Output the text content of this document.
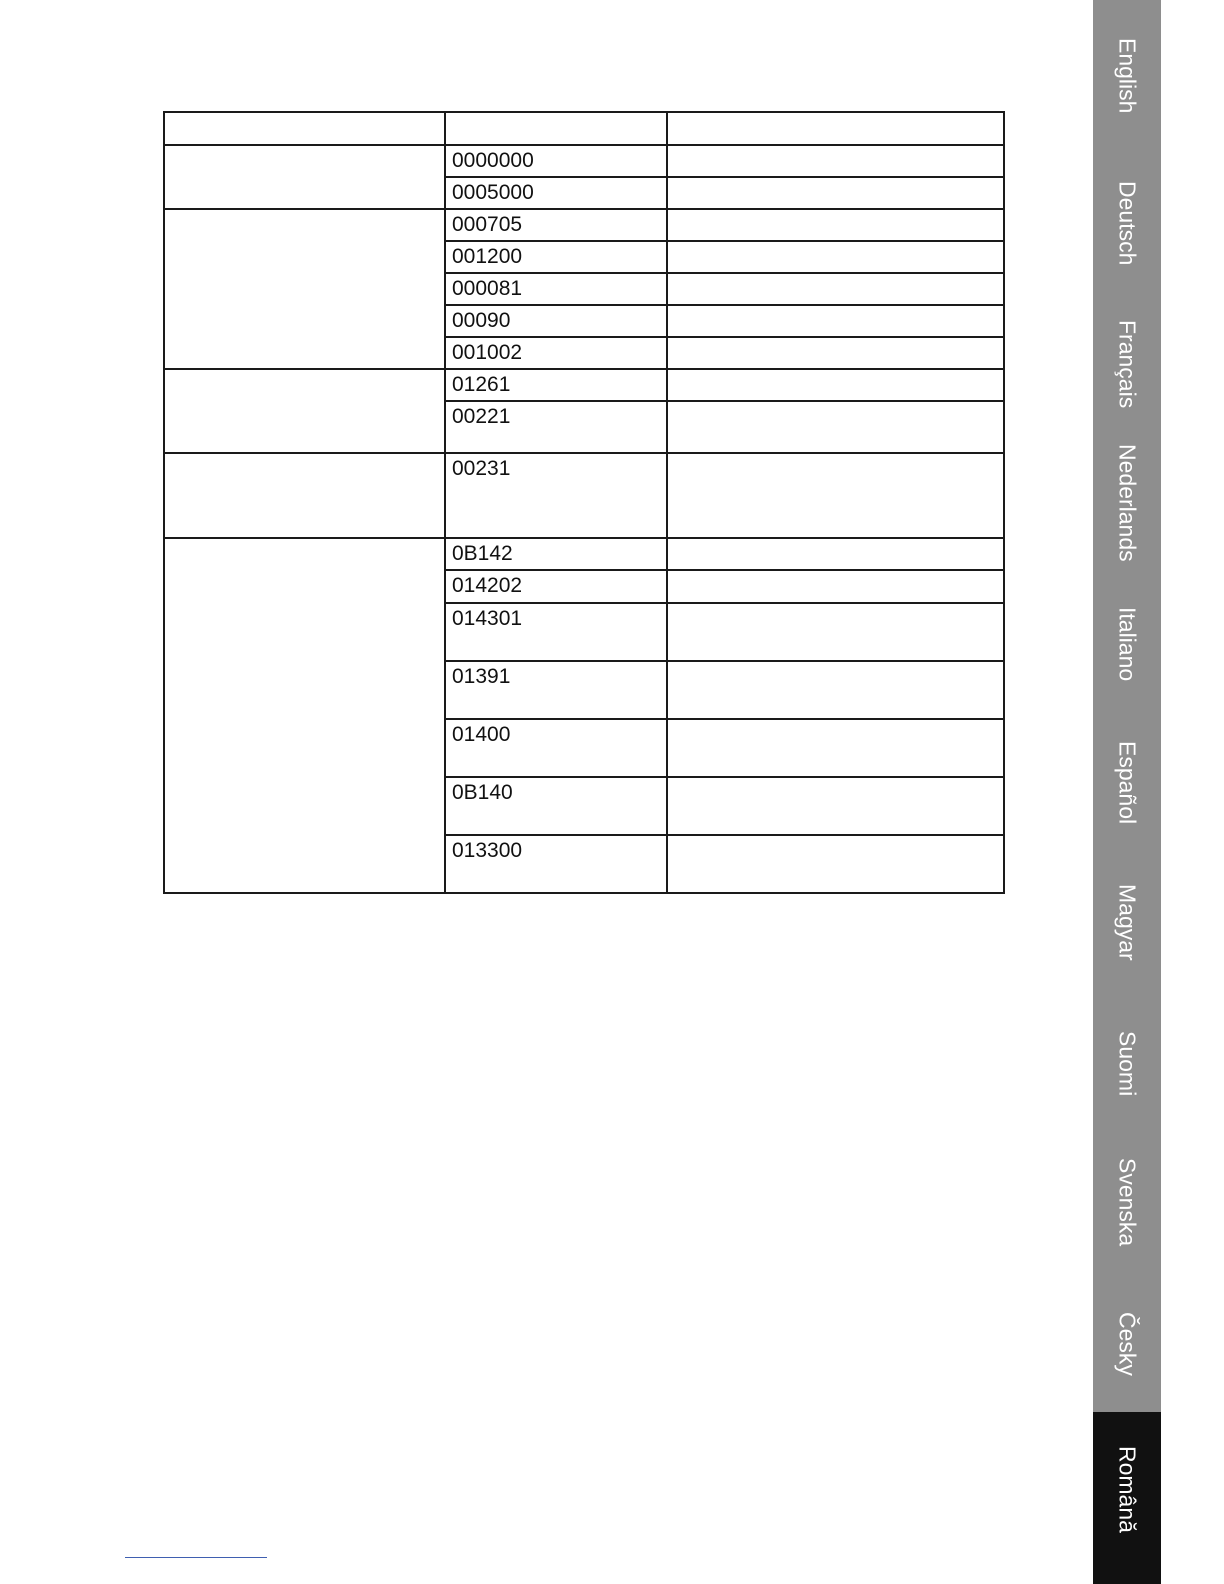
	0000000	
	0005000	
	000705	
	001200	
	000081	
	00090	
	001002	
	01261	
	00221	
	00231	
	0B142	
	014202	
	014301	
	01391	
	01400	
	0B140	
	013300	
English
Deutsch
Français
Nederlands
Italiano
Español
Magyar
Suomi
Svenska
Česky
Română
